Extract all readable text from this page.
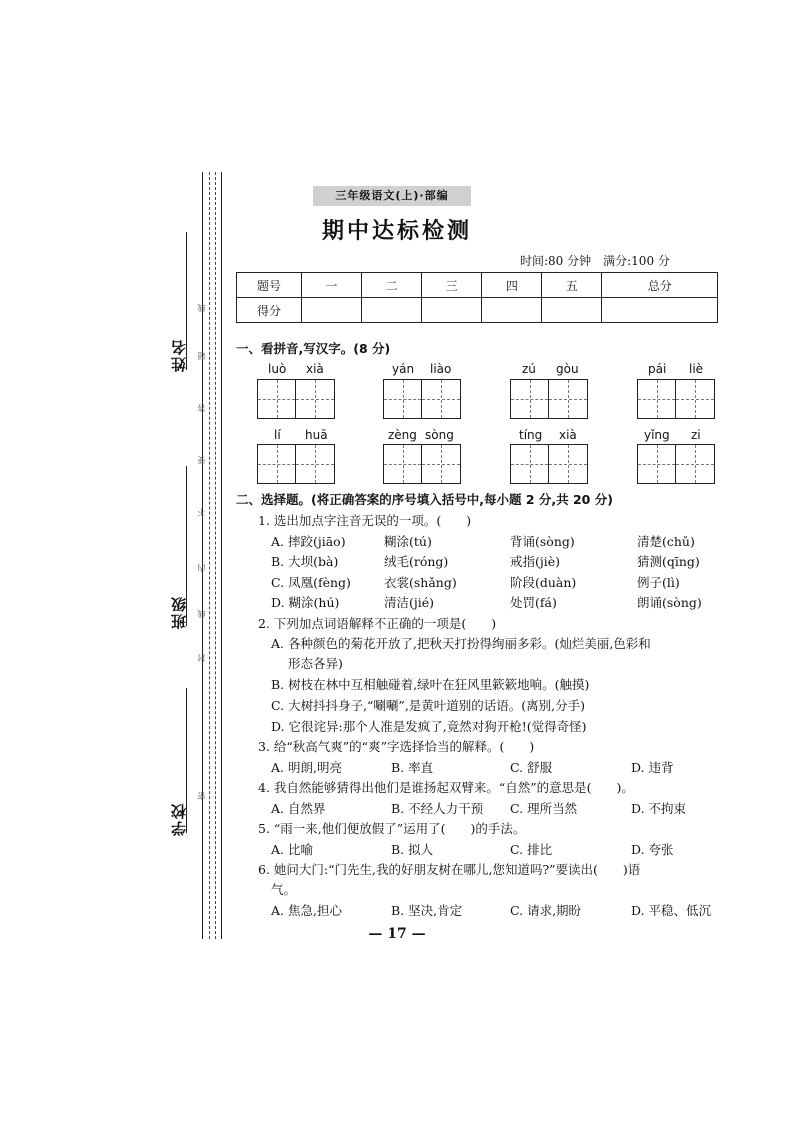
姓名
班级
学校
线
题
答
要
不
内
线
封
密
三年级语文(上)·部编
期中达标检测
时间:80 分钟　满分:100 分
题号	一	二	三	四	五	总分
得分						
一、看拼音,写汉字。(8 分)
luò xià	yán liào	zú gòu	pái liè
lí huā	zèng sòng	tíng xià	yǐng zi
二、选择题。(将正确答案的序号填入括号中,每小题 2 分,共 20 分)
1. 选出加点字注音无误的一项。(　　)
A. 摔跤(jiāo)	糊涂(tú)	背诵(sòng)	清楚(chǔ)
B. 大坝(bà)	绒毛(róng)	戒指(jiè)	猜测(qīng)
C. 凤凰(fèng)	衣裳(shǎng)	阶段(duàn)	例子(lì)
D. 糊涂(hú)	清洁(jié)	处罚(fá)	朗诵(sòng)
2. 下列加点词语解释不正确的一项是(　　)
A. 各种颜色的菊花开放了,把秋天打扮得绚丽多彩。(灿烂美丽,色彩和
形态各异)
B. 树枝在林中互相触碰着,绿叶在狂风里簌簌地响。(触摸)
C. 大树抖抖身子,“唰唰”,是黄叶道别的话语。(离别,分手)
D. 它很诧异:那个人准是发疯了,竟然对狗开枪!(觉得奇怪)
3. 给“秋高气爽”的“爽”字选择恰当的解释。(　　)
A. 明朗,明亮	B. 率直	C. 舒服	D. 违背
4. 我自然能够猜得出他们是谁扬起双臂来。“自然”的意思是(　　)。
A. 自然界	B. 不经人力干预 C. 理所当然	D. 不拘束
5. “雨一来,他们便放假了”运用了(　　)的手法。
A. 比喻	B. 拟人	C. 排比	D. 夸张
6. 她问大门:“门先生,我的好朋友树在哪儿,您知道吗?”要读出(　　)语
气。
A. 焦急,担心	B. 坚决,肯定	C. 请求,期盼	D. 平稳、低沉
— 17 —
